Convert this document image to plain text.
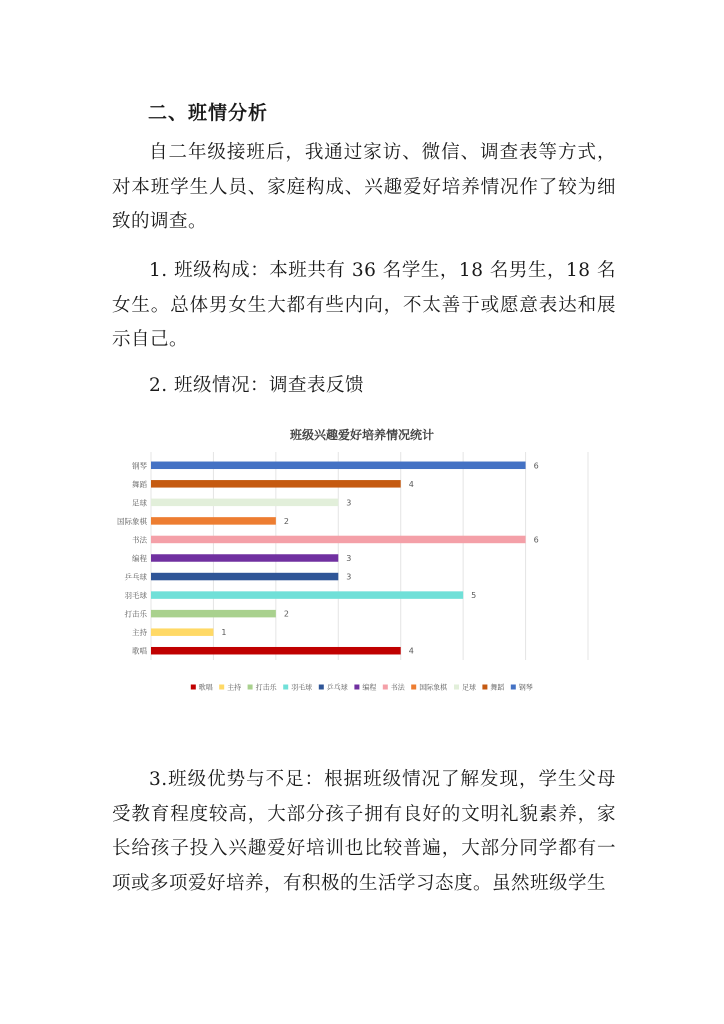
二、班情分析

自二年级接班后，我通过家访、微信、调查表等方式，对本班学生人员、家庭构成、兴趣爱好培养情况作了较为细致的调查。

1. 班级构成：本班共有 36 名学生，18 名男生，18 名女生。总体男女生大都有些内向，不太善于或愿意表达和展示自己。

2. 班级情况：调查表反馈

班级兴趣爱好培养情况统计
钢琴	6
舞蹈	4
足球	3
国际象棋	2
书法	6
编程	3
乒乓球	3
羽毛球	5
打击乐	2
主持	1
歌唱	4
歌唱 主持 打击乐 羽毛球 乒乓球 编程 书法 国际象棋 足球 舞蹈 钢琴

3.班级优势与不足：根据班级情况了解发现，学生父母受教育程度较高，大部分孩子拥有良好的文明礼貌素养，家长给孩子投入兴趣爱好培训也比较普遍，大部分同学都有一项或多项爱好培养，有积极的生活学习态度。虽然班级学生
